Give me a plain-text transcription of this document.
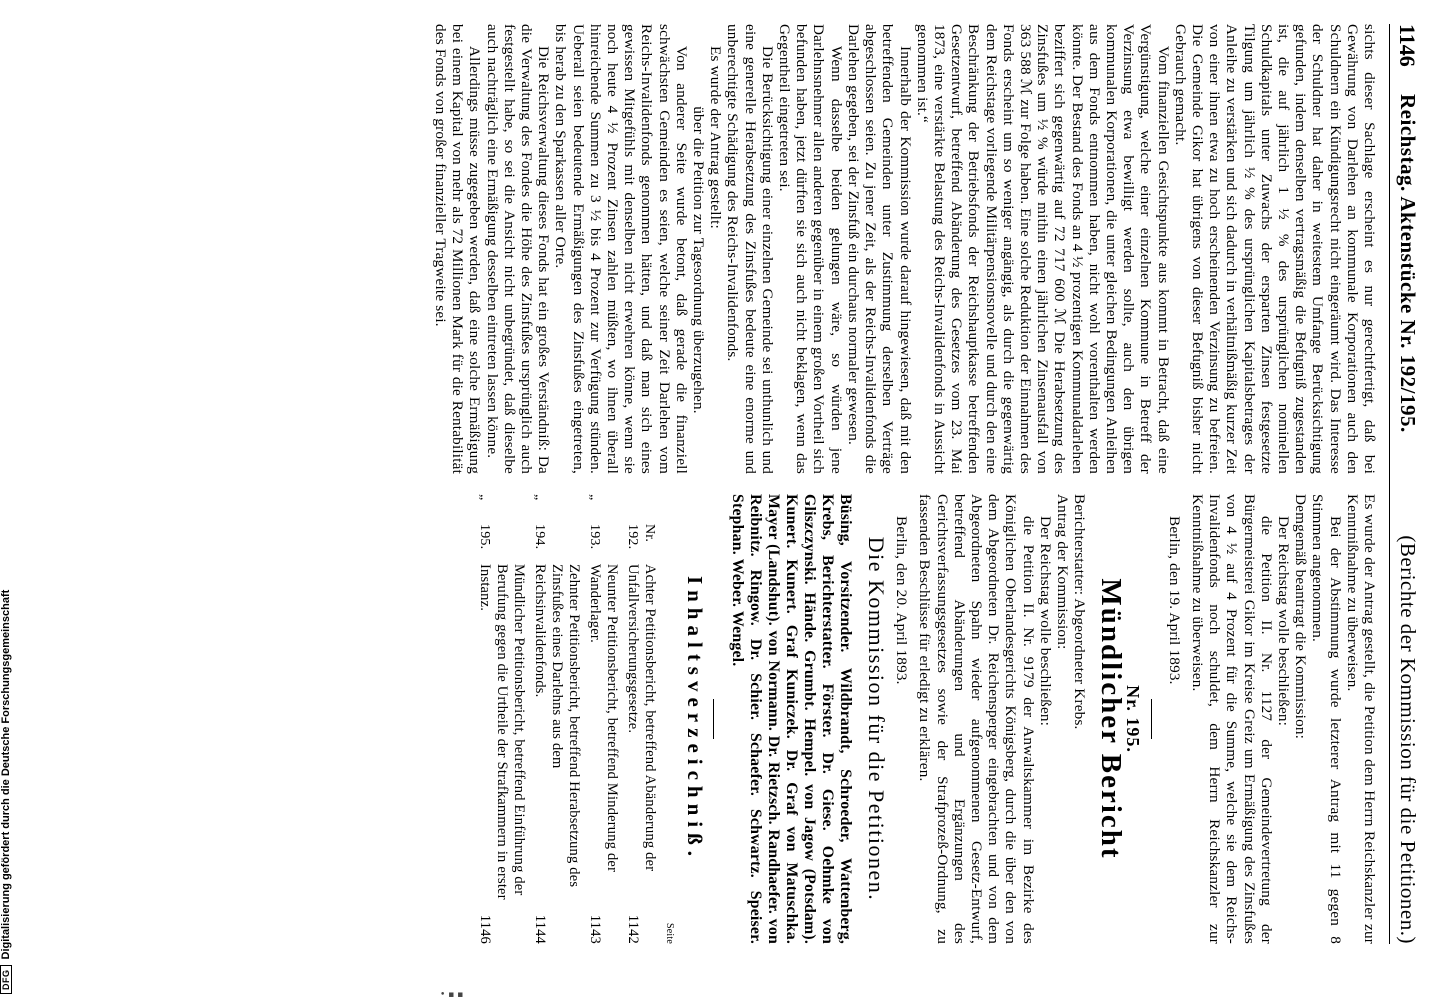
1146
Reichstag. Aktenstücke Nr. 192/195.
(Berichte der Kommission für die Petitionen.)

sichts dieser Sachlage erscheint es nur gerechtfertigt, daß bei Gewährung von Darlehen an kommunale Korporationen auch den Schuldnern ein Kündigungsrecht nicht eingeräumt wird. Das Interesse der Schuldner hat daher in weitestem Umfange Berücksichtigung gefunden, indem denselben vertragsmäßig die Befugniß zugestanden ist, die auf jährlich 1 ½ % des ursprünglichen nominellen Schuldkapitals unter Zuwachs der ersparten Zinsen festgesetzte Tilgung um jährlich ½ % des ursprünglichen Kapitalsbetrages der Anleihe zu verstärken und sich dadurch in verhältnißmäßig kurzer Zeit von einer ihnen etwa zu hoch erscheinenden Verzinsung zu befreien. Die Gemeinde Gikor hat übrigens von dieser Befugniß bisher nicht Gebrauch gemacht.

Vom finanziellen Gesichtspunkte aus kommt in Betracht, daß eine Vergünstigung, welche einer einzelnen Kommune in Betreff der Verzinsung etwa bewilligt werden sollte, auch den übrigen kommunalen Korporationen, die unter gleichen Bedingungen Anleihen aus dem Fonds entnommen haben, nicht wohl vorenthalten werden könnte. Der Bestand des Fonds an 4 ½ prozentigen Kommunaldarlehen beziffert sich gegenwärtig auf 72 717 600 ℳ Die Herabsetzung des Zinsfußes um ½ % würde mithin einen jährlichen Zinsenausfall von 363 588 ℳ zur Folge haben. Eine solche Reduktion der Einnahmen des Fonds erscheint um so weniger angängig, als durch die gegenwärtig dem Reichstage vorliegende Militärpensionsnovelle und durch den eine Beschränkung der Betriebsfonds der Reichshauptkasse betreffenden Gesetzentwurf, betreffend Abänderung des Gesetzes vom 23. Mai 1873, eine verstärkte Belastung des Reichs-Invalidenfonds in Aussicht genommen ist.“

Innerhalb der Kommission wurde darauf hingewiesen, daß mit den betreffenden Gemeinden unter Zustimmung derselben Verträge abgeschlossen seien. Zu jener Zeit, als der Reichs-Invalidenfonds die Darlehen gegeben, sei der Zinsfuß ein durchaus normaler gewesen.

Wenn dasselbe beiden gelungen wäre, so würden jene Darlehnsnehmer allen anderen gegenüber in einem großen Vortheil sich befunden haben, jetzt dürften sie sich auch nicht beklagen, wenn das Gegentheil eingetreten sei.

Die Berücksichtigung einer einzelnen Gemeinde sei unthunlich und eine generelle Herabsetzung des Zinsfußes bedeute eine enorme und unberechtigte Schädigung des Reichs-Invalidenfonds.

Es wurde der Antrag gestellt:

über die Petition zur Tagesordnung überzugehen.

Von anderer Seite wurde betont, daß gerade die finanziell schwächsten Gemeinden es seien, welche seiner Zeit Darlehen vom Reichs-Invalidenfonds genommen hätten, und daß man sich eines gewissen Mitgefühls mit denselben nicht erwehren könne, wenn sie noch heute 4 ½ Prozent Zinsen zahlen müßten, wo ihnen überall hinreichende Summen zu 3 ½ bis 4 Prozent zur Verfügung stünden. Ueberall seien bedeutende Ermäßigungen des Zinsfußes eingetreten, bis herab zu den Sparkassen aller Orte.

Die Reichsverwaltung dieses Fonds hat ein großes Verständniß: Da die Verwaltung des Fondes die Höhe des Zinsfußes ursprünglich auch festgestellt habe, so sei die Ansicht nicht unbegründet, daß dieselbe auch nachträglich eine Ermäßigung desselben eintreten lassen könne.

Allerdings müsse zugegeben werden, daß eine solche Ermäßigung bei einem Kapital von mehr als 72 Millionen Mark für die Rentabilität des Fonds von großer finanzieller Tragweite sei.

Es wurde der Antrag gestellt, die Petition dem Herrn Reichskanzler zur Kenntnißnahme zu überweisen.

Bei der Abstimmung wurde letzterer Antrag mit 11 gegen 8 Stimmen angenommen.

Demgemäß beantragt die Kommission:

Der Reichstag wolle beschließen:

die Petition II. Nr. 1127 der Gemeindevertretung der Bürgermeisterei Gikor im Kreise Greiz um Ermäßigung des Zinsfußes von 4 ½ auf 4 Prozent für die Summe, welche sie dem Reichs-Invalidenfonds noch schuldet, dem Herrn Reichskanzler zur Kenntnißnahme zu überweisen.

Berlin, den 19. April 1893.

Nr. 195.
Mündlicher Bericht

Berichterstatter: Abgeordneter Krebs.

Antrag der Kommission:

Der Reichstag wolle beschließen:

die Petition II. Nr. 9179 der Anwaltskammer im Bezirke des Königlichen Oberlandesgerichts Königsberg, durch die über den von dem Abgeordneten Dr. Reichensperger eingebrachten und von dem Abgeordneten Spahn wieder aufgenommenen Gesetz-Entwurf, betreffend Abänderungen und Ergänzungen des Gerichtsverfassungsgesetzes sowie der Strafprozeß-Ordnung, zu fassenden Beschlüsse für erledigt zu erklären.

Berlin, den 20. April 1893.

Die Kommission für die Petitionen.

Büsing, Vorsitzender. Wildbrandt, Schroeder, Wattenberg, Krebs, Berichterstatter. Förster. Dr. Giese. Oehmke von Gliszczynski. Hände. Grumbt. Hempel. von Jagow (Potsdam). Kunert. Kunert. Graf Kuniczek. Dr. Graf von Matuschka. Mayer (Landshut). von Normann. Dr. Rietzsch. Randhaefer. von Reibnitz. Ringow. Dr. Schier. Schaefer. Schwartz. Speiser. Stephan. Weber. Wengel.

Inhaltsverzeichniß.
Seite
Nr. 192.
Achter Petitionsbericht, betreffend Abänderung der Unfallversicherungsgesetze.
1142
„
193.
Neunter Petitionsbericht, betreffend Minderung der Wanderlager.
1143
„
194.
Zehnter Petitionsbericht, betreffend Herabsetzung des Zinsfußes eines Darlehns aus dem Reichsinvalidenfonds.
1144
„
195.
Mündlicher Petitionsbericht, betreffend Einführung der Berufung gegen die Urtheile der Strafkammern in erster Instanz.
1146
DFGDigitalisierung gefördert durch die Deutsche Forschungsgemeinschaft
• ▪ ▪
